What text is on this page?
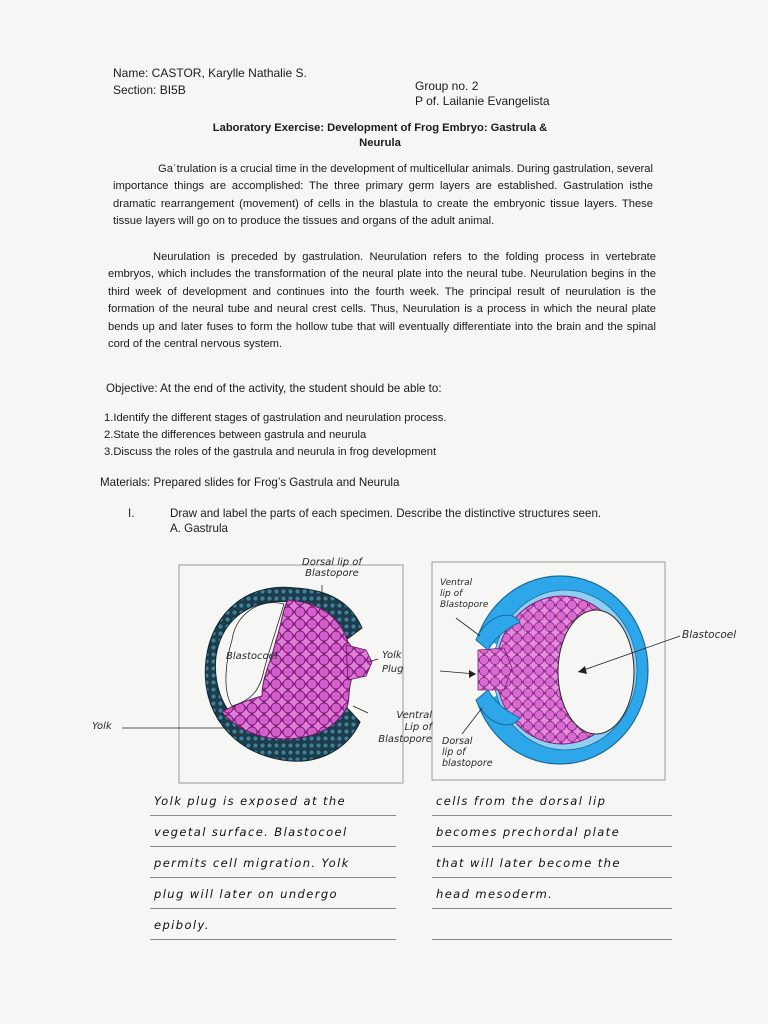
Name: CASTOR, Karylle Nathalie S.
Section: BI5B	Group no. 2
P of. Lailanie Evangelista
Laboratory Exercise: Development of Frog Embryo: Gastrula &
Neurula
Gaʿtrulation is a crucial time in the development of multicellular animals. During gastrulation, several importance things are accomplished: The three primary germ layers are established. Gastrulation isthe dramatic rearrangement (movement) of cells in the blastula to create the embryonic tissue layers. These tissue layers will go on to produce the tissues and organs of the adult animal.
Neurulation is preceded by gastrulation. Neurulation refers to the folding process in vertebrate embryos, which includes the transformation of the neural plate into the neural tube. Neurulation begins in the third week of development and continues into the fourth week. The principal result of neurulation is the formation of the neural tube and neural crest cells. Thus, Neurulation is a process in which the neural plate bends up and later fuses to form the hollow tube that will eventually differentiate into the brain and the spinal cord of the central nervous system.
Objective: At the end of the activity, the student should be able to:
1.Identify the different stages of gastrulation and neurulation process.
2.State the differences between gastrula and neurula
3.Discuss the roles of the gastrula and neurula in frog development
Materials: Prepared slides for Frog’s Gastrula and Neurula
I.	Draw and label the parts of each specimen. Describe the distinctive structures seen.
A. Gastrula
Dorsal lip of
Blastopore
Blastocoel	Yolk
Plug
Ventral
Lip of
Blastopore
Yolk
Ventral
lip of
Blastopore
Blastocoel
Dorsal
lip of
blastopore
Yolk plug is exposed at the
vegetal surface. Blastocoel
permits cell migration. Yolk
plug will later on undergo
epiboly.
cells from the dorsal lip
becomes prechordal plate
that will later become the
head mesoderm.
